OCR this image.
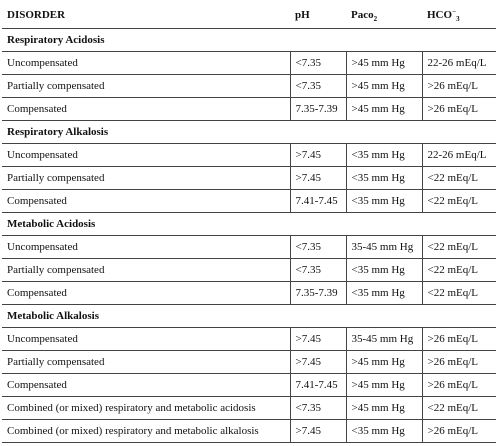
DISORDER	pH	Paco$_2$	$HCO^-_3$
Respiratory Acidosis			
Uncompensated	<7.35	>45 mm Hg	22-26 mEq/L
Partially compensated	<7.35	>45 mm Hg	>26 mEq/L
Compensated	7.35-7.39	>45 mm Hg	>26 mEq/L
Respiratory Alkalosis			
Uncompensated	>7.45	<35 mm Hg	22-26 mEq/L
Partially compensated	>7.45	<35 mm Hg	<22 mEq/L
Compensated	7.41-7.45	<35 mm Hg	<22 mEq/L
Metabolic Acidosis			
Uncompensated	<7.35	35-45 mm Hg	<22 mEq/L
Partially compensated	<7.35	<35 mm Hg	<22 mEq/L
Compensated	7.35-7.39	<35 mm Hg	<22 mEq/L
Metabolic Alkalosis			
Uncompensated	>7.45	35-45 mm Hg	>26 mEq/L
Partially compensated	>7.45	>45 mm Hg	>26 mEq/L
Compensated	7.41-7.45	>45 mm Hg	>26 mEq/L
Combined (or mixed) respiratory and metabolic acidosis	<7.35	>45 mm Hg	<22 mEq/L
Combined (or mixed) respiratory and metabolic alkalosis	>7.45	<35 mm Hg	>26 mEq/L
